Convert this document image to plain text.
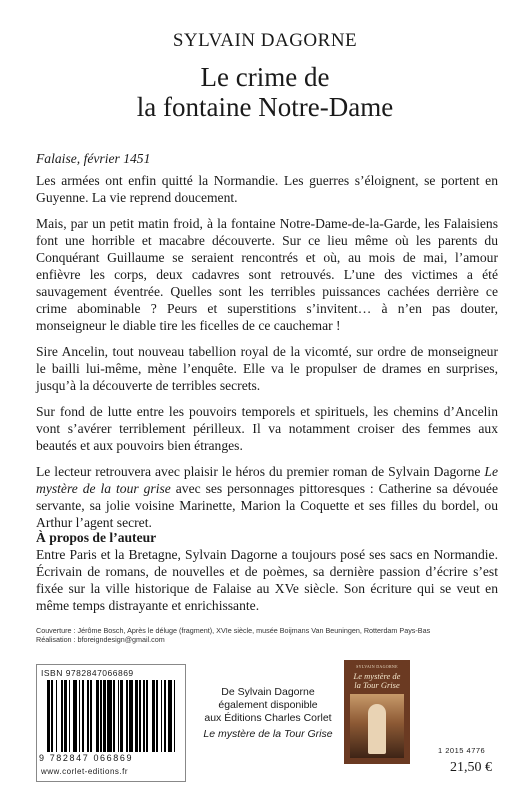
SYLVAIN DAGORNE
Le crime de
la fontaine Notre-Dame

Falaise, février 1451

Les armées ont enfin quitté la Normandie. Les guerres s’éloignent, se portent en Guyenne. La vie reprend doucement.

Mais, par un petit matin froid, à la fontaine Notre-Dame-de-la-Garde, les Falaisiens font une horrible et macabre découverte. Sur ce lieu même où les parents du Conquérant Guillaume se seraient rencontrés et où, au mois de mai, l’amour enfièvre les corps, deux cadavres sont retrouvés. L’une des victimes a été sauvagement éventrée. Quelles sont les terribles puissances cachées derrière ce crime abominable ? Peurs et superstitions s’invitent… à n’en pas douter, monseigneur le diable tire les ficelles de ce cauchemar !

Sire Ancelin, tout nouveau tabellion royal de la vicomté, sur ordre de monseigneur le bailli lui-même, mène l’enquête. Elle va le propulser de drames en surprises, jusqu’à la découverte de terribles secrets.

Sur fond de lutte entre les pouvoirs temporels et spirituels, les chemins d’Ancelin vont s’avérer terriblement périlleux. Il va notamment croiser des femmes aux beautés et aux pouvoirs bien étranges.

Le lecteur retrouvera avec plaisir le héros du premier roman de Sylvain Dagorne Le mystère de la tour grise avec ses personnages pittoresques : Catherine sa dévouée servante, sa jolie voisine Marinette, Marion la Coquette et ses filles du bordel, ou Arthur l’agent secret.

À propos de l’auteur
Entre Paris et la Bretagne, Sylvain Dagorne a toujours posé ses sacs en Normandie. Écrivain de romans, de nouvelles et de poèmes, sa dernière passion d’écrire s’est fixée sur la ville historique de Falaise au XVe siècle. Son écriture qui se veut en même temps distrayante et enrichissante.
Couverture : Jérôme Bosch, Après le déluge (fragment), XVIe siècle, musée Boijmans Van Beuningen, Rotterdam Pays-Bas
Réalisation : bforeigndesign@gmail.com
ISBN 9782847066869
9 782847 066869
www.corlet-editions.fr
De Sylvain Dagorne
également disponible
aux Éditions Charles Corlet
Le mystère de la Tour Grise
SYLVAIN DAGORNE
Le mystère de
la Tour Grise
1 2015 4776
21,50 €
